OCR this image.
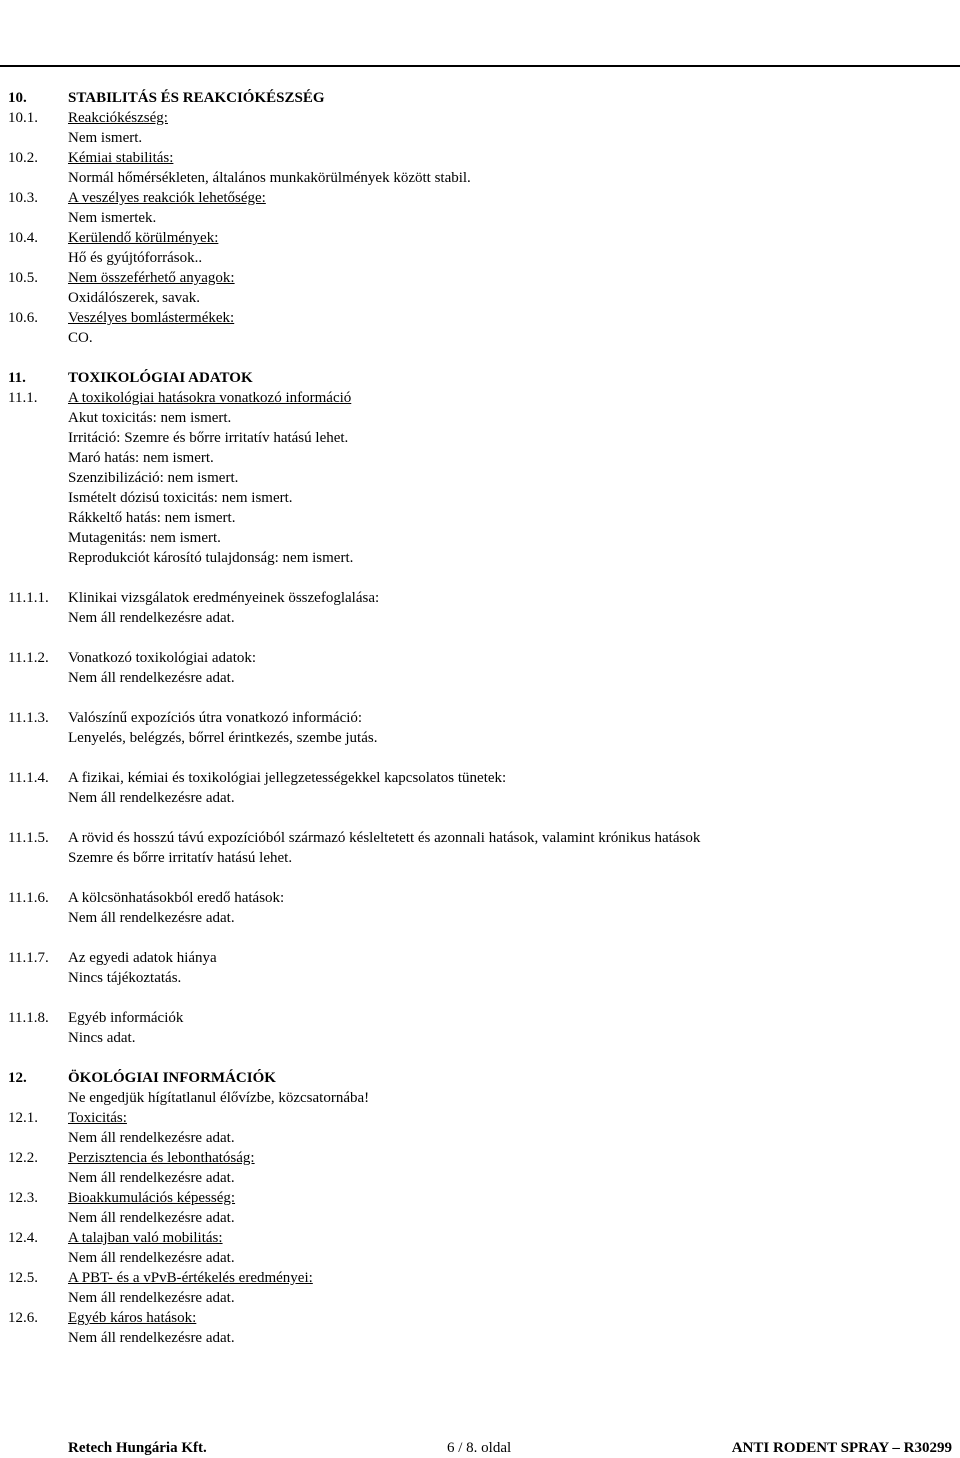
Elkészítés időpontja: 2011. május 3.
Felülvizsgálat időpontja: -
Verziószám: 1
http://www.biztonsagiadatlap.hu
10.	STABILITÁS ÉS REAKCIÓKÉSZSÉG
10.1. Reakciókészség:
Nem ismert.
10.2. Kémiai stabilitás:
Normál hőmérsékleten, általános munkakörülmények között stabil.
10.3. A veszélyes reakciók lehetősége:
Nem ismertek.
10.4. Kerülendő körülmények:
Hő és gyújtóforrások..
10.5. Nem összeférhető anyagok:
Oxidálószerek, savak.
10.6. Veszélyes bomlástermékek:
CO.
11.	TOXIKOLÓGIAI ADATOK
11.1. A toxikológiai hatásokra vonatkozó információ
Akut toxicitás: nem ismert.
Irritáció: Szemre és bőrre irritatív hatású lehet.
Maró hatás: nem ismert.
Szenzibilizáció: nem ismert.
Ismételt dózisú toxicitás: nem ismert.
Rákkeltő hatás: nem ismert.
Mutagenitás: nem ismert.
Reprodukciót károsító tulajdonság: nem ismert.
11.1.1. Klinikai vizsgálatok eredményeinek összefoglalása:
Nem áll rendelkezésre adat.
11.1.2. Vonatkozó toxikológiai adatok:
Nem áll rendelkezésre adat.
11.1.3. Valószínű expozíciós útra vonatkozó információ:
Lenyelés, belégzés, bőrrel érintkezés, szembe jutás.
11.1.4. A fizikai, kémiai és toxikológiai jellegzetességekkel kapcsolatos tünetek:
Nem áll rendelkezésre adat.
11.1.5. A rövid és hosszú távú expozícióból származó késleltetett és azonnali hatások, valamint krónikus hatások
Szemre és bőrre irritatív hatású lehet.
11.1.6. A kölcsönhatásokból eredő hatások:
Nem áll rendelkezésre adat.
11.1.7. Az egyedi adatok hiánya
Nincs tájékoztatás.
11.1.8. Egyéb információk
Nincs adat.
12.	ÖKOLÓGIAI INFORMÁCIÓK
Ne engedjük hígítatlanul élővízbe, közcsatornába!
12.1. Toxicitás:
Nem áll rendelkezésre adat.
12.2. Perzisztencia és lebonthatóság:
Nem áll rendelkezésre adat.
12.3. Bioakkumulációs képesség:
Nem áll rendelkezésre adat.
12.4. A talajban való mobilitás:
Nem áll rendelkezésre adat.
12.5. A PBT- és a vPvB-értékelés eredményei:
Nem áll rendelkezésre adat.
12.6. Egyéb káros hatások:
Nem áll rendelkezésre adat.
Retech Hungária Kft.	6 / 8. oldal	ANTI RODENT SPRAY – R30299
